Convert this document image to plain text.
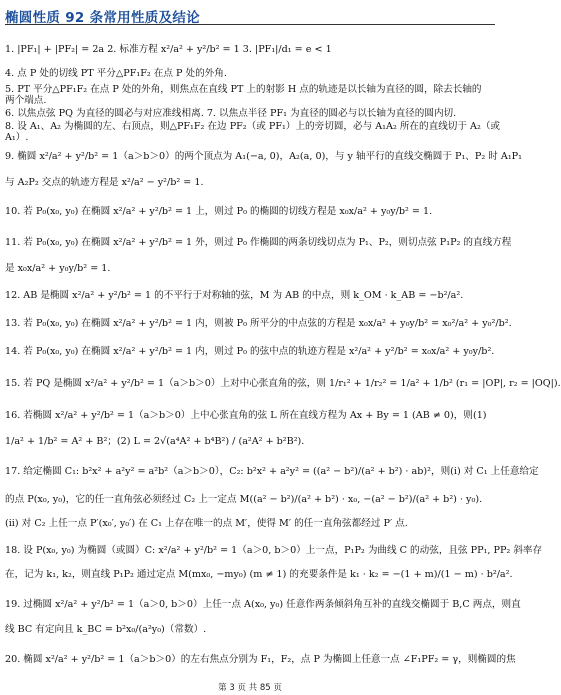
椭圆性质 92 条常用性质及结论
1. |PF₁| + |PF₂| = 2a 2. 标准方程 x²/a² + y²/b² = 1 3. |PF₁|/d₁ = e < 1
4. 点 P 处的切线 PT 平分△PF₁F₂ 在点 P 处的外角.
5. PT 平分△PF₁F₂ 在点 P 处的外角，则焦点在直线 PT 上的射影 H 点的轨迹是以长轴为直径的圆，除去长轴的
两个端点.
6. 以焦点弦 PQ 为直径的圆必与对应准线相离. 7. 以焦点半径 PF₁ 为直径的圆必与以长轴为直径的圆内切.
8. 设 A₁、A₂ 为椭圆的左、右顶点，则△PF₁F₂ 在边 PF₂（或 PF₁）上的旁切圆，必与 A₁A₂ 所在的直线切于 A₂（或
A₁）.
9. 椭圆 x²/a² + y²/b² = 1（a＞b＞0）的两个顶点为 A₁(−a, 0)，A₂(a, 0)，与 y 轴平行的直线交椭圆于 P₁、P₂ 时 A₁P₁
与 A₂P₂ 交点的轨迹方程是 x²/a² − y²/b² = 1.
10. 若 P₀(x₀, y₀) 在椭圆 x²/a² + y²/b² = 1 上，则过 P₀ 的椭圆的切线方程是 x₀x/a² + y₀y/b² = 1.
11. 若 P₀(x₀, y₀) 在椭圆 x²/a² + y²/b² = 1 外，则过 P₀ 作椭圆的两条切线切点为 P₁、P₂，则切点弦 P₁P₂ 的直线方程
是 x₀x/a² + y₀y/b² = 1.
12. AB 是椭圆 x²/a² + y²/b² = 1 的不平行于对称轴的弦，M 为 AB 的中点，则 k_OM · k_AB = −b²/a².
13. 若 P₀(x₀, y₀) 在椭圆 x²/a² + y²/b² = 1 内，则被 P₀ 所平分的中点弦的方程是 x₀x/a² + y₀y/b² = x₀²/a² + y₀²/b².
14. 若 P₀(x₀, y₀) 在椭圆 x²/a² + y²/b² = 1 内，则过 P₀ 的弦中点的轨迹方程是 x²/a² + y²/b² = x₀x/a² + y₀y/b².
15. 若 PQ 是椭圆 x²/a² + y²/b² = 1（a＞b＞0）上对中心张直角的弦，则 1/r₁² + 1/r₂² = 1/a² + 1/b² (r₁ = |OP|, r₂ = |OQ|).
16. 若椭圆 x²/a² + y²/b² = 1（a＞b＞0）上中心张直角的弦 L 所在直线方程为 Ax + By = 1 (AB ≠ 0)，则(1)
1/a² + 1/b² = A² + B²；(2) L = 2√(a⁴A² + b⁴B²) / (a²A² + b²B²).
17. 给定椭圆 C₁: b²x² + a²y² = a²b²（a＞b＞0），C₂: b²x² + a²y² = ((a² − b²)/(a² + b²) · ab)²，则(i) 对 C₁ 上任意给定
的点 P(x₀, y₀)，它的任一直角弦必须经过 C₂ 上一定点 M((a² − b²)/(a² + b²) · x₀, −(a² − b²)/(a² + b²) · y₀).
(ii) 对 C₂ 上任一点 P′(x₀′, y₀′) 在 C₁ 上存在唯一的点 M′，使得 M′ 的任一直角弦都经过 P′ 点.
18. 设 P(x₀, y₀) 为椭圆（或圆）C: x²/a² + y²/b² = 1（a＞0, b＞0）上一点，P₁P₂ 为曲线 C 的动弦，且弦 PP₁, PP₂ 斜率存
在，记为 k₁, k₂，则直线 P₁P₂ 通过定点 M(mx₀, −my₀) (m ≠ 1) 的充要条件是 k₁ · k₂ = −(1 + m)/(1 − m) · b²/a².
19. 过椭圆 x²/a² + y²/b² = 1（a＞0, b＞0）上任一点 A(x₀, y₀) 任意作两条倾斜角互补的直线交椭圆于 B,C 两点，则直
线 BC 有定向且 k_BC = b²x₀/(a²y₀)（常数）.
20. 椭圆 x²/a² + y²/b² = 1（a＞b＞0）的左右焦点分别为 F₁，F₂，点 P 为椭圆上任意一点 ∠F₁PF₂ = γ，则椭圆的焦
第 3 页 共 85 页
